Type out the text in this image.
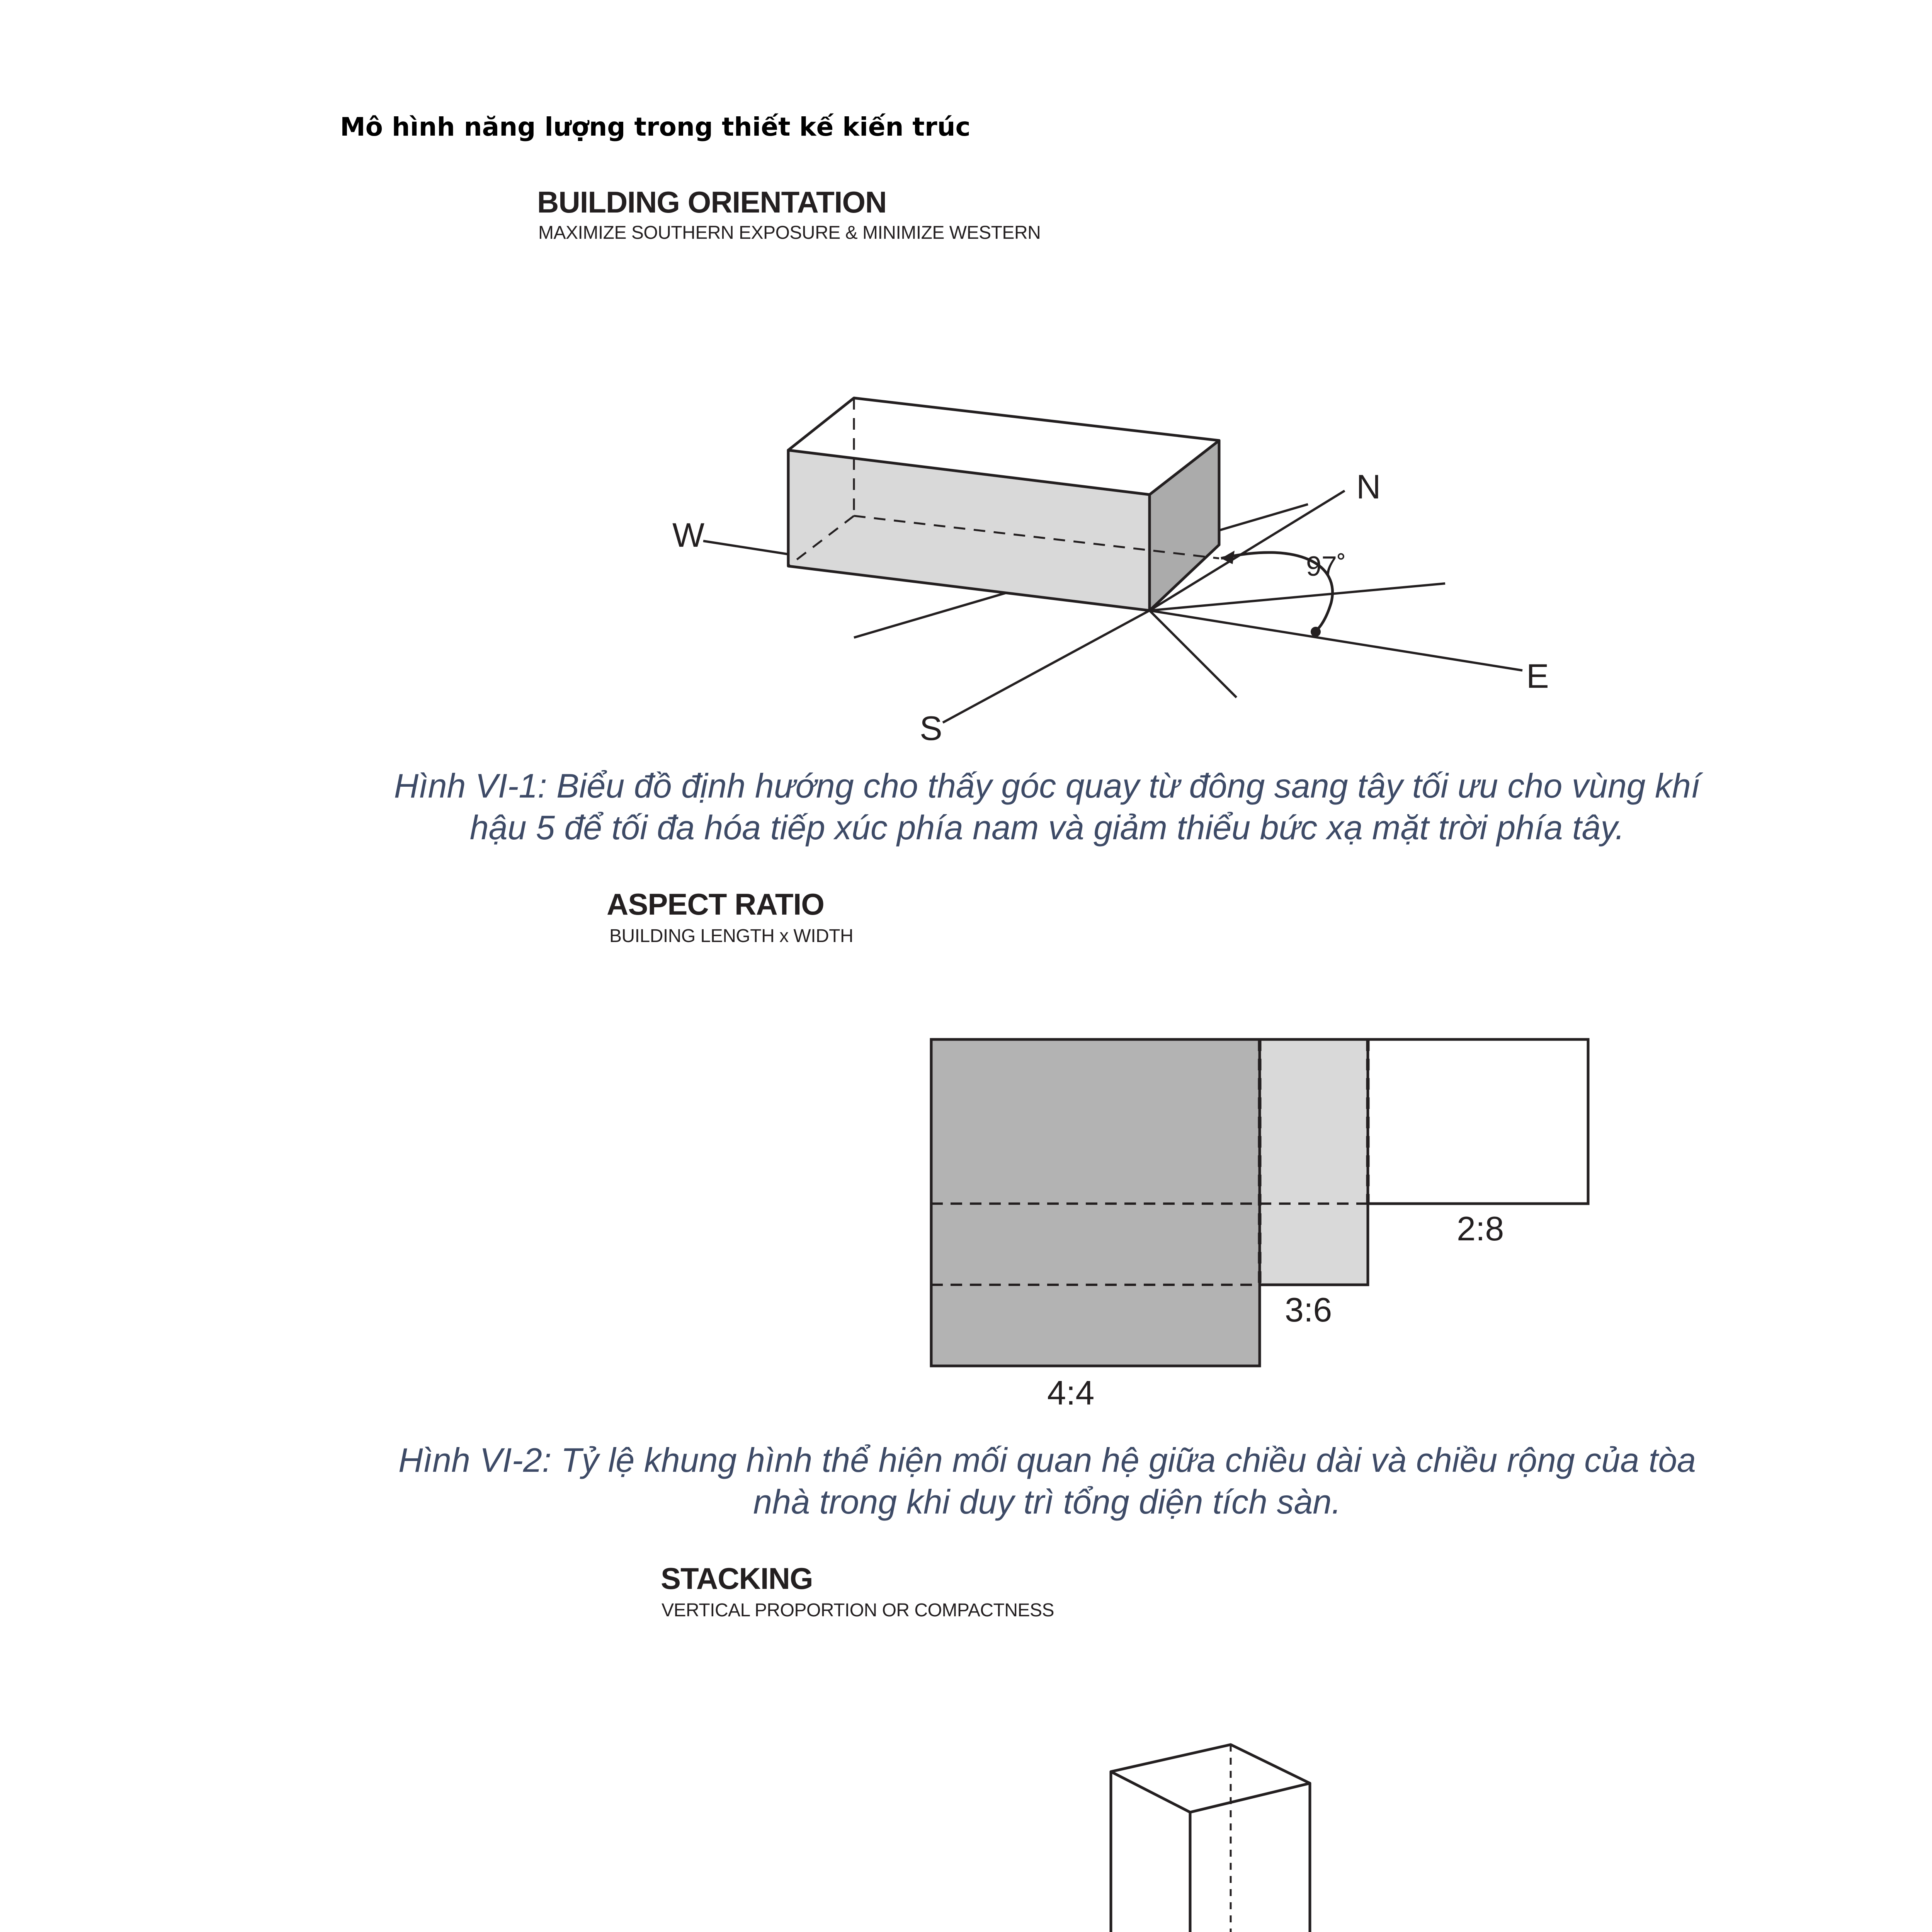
Mô hình năng lượng trong thiết kế kiến trúc
BUILDING ORIENTATION
MAXIMIZE SOUTHERN EXPOSURE & MINIMIZE WESTERN
W
N
E
S
97˚
Hình VI-1: Biểu đồ định hướng cho thấy góc quay từ đông sang tây tối ưu cho vùng khí
hậu 5 để tối đa hóa tiếp xúc phía nam và giảm thiểu bức xạ mặt trời phía tây.
ASPECT RATIO
BUILDING LENGTH x WIDTH
2:8
3:6
4:4
Hình VI-2: Tỷ lệ khung hình thể hiện mối quan hệ giữa chiều dài và chiều rộng của tòa
nhà trong khi duy trì tổng diện tích sàn.
STACKING
VERTICAL PROPORTION OR COMPACTNESS
